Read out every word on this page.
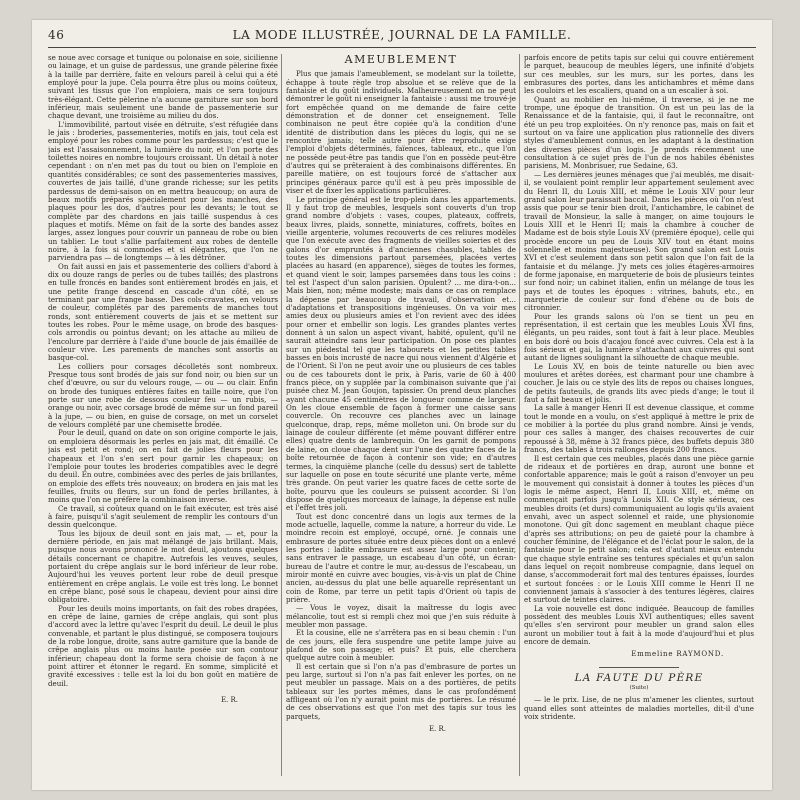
46	LA MODE ILLUSTRÉE, JOURNAL DE LA FAMILLE.

se noue avec corsage et tunique ou polonaise en soie, sicilienne ou lainage, et un guise de pardessus, une grande pèlerine fixée à la taille par derrière, faite en velours pareil à celui qui a été employé pour la jupe. Cela pourra être plus ou moins coûteux, suivant les tissus que l'on emploiera, mais ce sera toujours très-élégant. Cette pèlerine n'a aucune garniture sur son bord inférieur, mais seulement une bande de passementerie sur chaque devant, une troisième au milieu du dos.

L'immovibilité, partout visée en détruite, s'est réfugiée dans le jais : broderies, passementeries, motifs en jais, tout cela est employé pour les robes comme pour les pardessus; c'est que le jais est l'assaisonnement, la lumière du noir, et l'on porte des toilettes noires en nombre toujours croissant. Un détail à noter cependant : on n'en met pas du tout ou bien on l'emploie en quantités considérables; ce sont des passementeries massives, couvertes de jais taillé, d'une grande richesse; sur les petits pardessus de demi-saison on en mettra beaucoup; on aura de beaux motifs préparés spécialement pour les manches, des plaques pour les dos, d'autres pour les devants; le tout se complète par des chardons en jais taillé suspendus à ces plaques et motifs. Même on fait de la sorte des bandes assez larges, assez longues pour couvrir un panneau de robe ou bien un tablier. Le tout s'allie parfaitement aux robes de dentelle noire, à la fois si commodes et si élégantes, que l'on ne parviendra pas — de longtemps — à les détrôner.

On fait aussi en jais et passementerie des colliers d'abord à dix ou douze rangs de perles ou de tubes taillés; des plastrons en tulle froncés en bandes sont entièrement brodés en jais, et une petite frange descend en cascade d'un côté, en se terminant par une frange basse. Des cols-cravates, en velours de couleur, complétés par des parements de manches tout ronds, sont entièrement couverts de jais et se mettent sur toutes les robes. Pour le même usage, on brode des basques-cols arrondis ou pointus devant; on les attache au milieu de l'encolure par derrière à l'aide d'une boucle de jais émaillée de couleur vive. Les parements de manches sont assortis au basque-col.

Les colliers pour corsages décolletés sont nombreux. Presque tous sont brodés de jais sur fond noir, ou bien sur un chef d'œuvre, ou sur du velours rouge, — ou — ou clair. Enfin on brode des tuniques entières faites en taille noire, que l'on porte sur une robe de dessous couleur feu — un rubis, — orange ou noir, avec corsage brodé de même sur un fond pareil à la jupe, — ou bien, en guise de corsage, on met un corselet de velours complété par une chemisette brodée.

Pour le deuil, quand on date on son origine comporte le jais, on emploiera désormais les perles en jais mat, dit émaillé. Ce jais est petit et rond; on en fait de jolies fleurs pour les chapeaux et l'on s'en sert pour garnir les chapeaux; on l'emploie pour toutes les broderies compatibles avec le degré du deuil. En outre, combinées avec des perles de jais brillantes, on emploie des effets très nouveaux; on brodera en jais mat les feuilles, fruits ou fleurs, sur un fond de perles brillantes, à moins que l'on ne préfère la combinaison inverse.

Ce travail, si coûteux quand on le fait exécuter, est très aisé à faire, puisqu'il s'agit seulement de remplir les contours d'un dessin quelconque.

Tous les bijoux de deuil sont en jais mat, — et, pour la dernière période, en jais mat mélangé de jais brillant. Mais, puisque nous avons prononcé le mot deuil, ajoutons quelques détails concernant ce chapitre. Autrefois les veuves, seules, portaient du crêpe anglais sur le bord inférieur de leur robe. Aujourd'hui les veuves portent leur robe de deuil presque entièrement en crêpe anglais. Le voile est très long. Le bonnet en crêpe blanc, posé sous le chapeau, devient pour ainsi dire obligatoire.

Pour les deuils moins importants, on fait des robes drapées, en crêpe de laine, garnies de crêpe anglais, qui sont plus d'accord avec la lettre qu'avec l'esprit du deuil. Le deuil le plus convenable, et partant le plus distingué, se composera toujours de la robe longue, droite, sans autre garniture que la bande de crêpe anglais plus ou moins haute posée sur son contour inférieur; chapeau dont la forme sera choisie de façon à ne point attirer et étonner le regard. En somme, simplicité et gravité excessives : telle est la loi du bon goût en matière de deuil.

E. R.
AMEUBLEMENT

Plus que jamais l'ameublement, se modelant sur la toilette, échappe à toute règle trop absolue et se relève que de la fantaisie et du goût individuels. Malheureusement on ne peut démontrer le goût ni enseigner la fantaisie : aussi me trouvé-je fort empêchée quand on me demande de faire cette démonstration et de donner cet enseignement. Telle combinaison ne peut être copiée qu'à la condition d'une identité de distribution dans les pièces du logis, qui ne se rencontre jamais; telle autre pour être reproduite exige l'emploi d'objets déterminés, faïences, tableaux, etc., que l'on ne possède peut-être pas tandis que l'on en possède peut-être d'autres qui se prêteraient à des combinaisons différentes. En pareille matière, on est toujours forcé de s'attacher aux principes généraux parce qu'il est à peu près impossible de viser et de fixer les applications particulières.

Le principe général est le trop-plein dans les appartements. Il y faut trop de meubles, lesquels sont couverts d'un trop grand nombre d'objets : vases, coupes, plateaux, coffrets, beaux livres, plaids, sonnette, miniatures, coffrets, boîtes en vieille argenterie, volumes recouverts de ces reliures modèles que l'on exécute avec des fragments de vieilles soieries et des galons d'or empruntés à d'anciennes chasubles, tables de toutes les dimensions partout parsemées, placées vertes placées au hasard (en apparence), sièges de toutes les formes, et quand vient le soir, lampes parsemées dans tous les coins : tel est l'aspect d'un salon parisien. Opulent? ... me dira-t-on... Mais bien, non; même modeste; mais dans ce cas on remplace la dépense par beaucoup de travail, d'observation et... d'adaptations et transpositions ingénieuses. On va voir mes amies deux ou plusieurs amies et l'on revient avec des idées pour orner et embellir son logis. Les grandes plantes vertes donnent à un salon un aspect vivant, habité, opulent, qu'il ne saurait atteindre sans leur participation. On pose ces plantes sur un piédestal tel que les tabourets et les petites tables basses en bois incrusté de nacre qui nous viennent d'Algérie et de l'Orient. Si l'on ne peut avoir une ou plusieurs de ces tables ou de ces tabourets dont le prix, à Paris, varie de 60 à 400 francs pièce, on y supplée par la combinaison suivante que j'ai puisée chez M. Jean Goujon, tapissier. On prend deux planches ayant chacune 45 centimètres de longueur comme de largeur. On les cloue ensemble de façon à former une caisse sans couvercle. On recouvre ces planches avec un lainage quelconque, drap, reps, même molleton uni. On brode sur du lainage de couleur différente (et même pouvant différer entre elles) quatre dents de lambrequin. On les garnit de pompons de laine, on cloue chaque dent sur l'une des quatre faces de la boîte retournée de façon à contenir son vide; en d'autres termes, la cinquième planche (celle du dessus) sert de tablette sur laquelle on pose en toute sécurité une plante verte, même très grande. On peut varier les quatre faces de cette sorte de boîte, pourvu que les couleurs se puissent accorder. Si l'on dispose de quelques morceaux de lainage, la dépense est nulle et l'effet très joli.

Tout est donc concentré dans un logis aux termes de la mode actuelle, laquelle, comme la nature, a horreur du vide. Le moindre recoin est employé, occupé, orné. Je connais une embrasure de portes située entre deux pièces dont on a enlevé les portes : ladite embrasure est assez large pour contenir, sans entraver le passage, un escabeau d'un côté, un écran-bureau de l'autre et contre le mur, au-dessus de l'escabeau, un miroir monté en cuivre avec bougies, vis-à-vis un plat de Chine ancien, au-dessus du plat une belle aquarelle représentant un coin de Rome, par terre un petit tapis d'Orient où tapis de prière.

— Vous le voyez, disait la maîtresse du logis avec mélancolie, tout est si rempli chez moi que j'en suis réduite à meubler mon passage.

Et la cousine, elle ne s'arrêtera pas en si beau chemin : l'un de ces jours, elle fera suspendre une petite lampe juive au plafond de son passage; et puis? Et puis, elle cherchera quelque autre coin à meubler.

Il est certain que si l'on n'a pas d'embrasure de portes un peu large, surtout si l'on n'a pas fait enlever les portes, on ne peut meubler un passage. Mais on a des portières, de petits tableaux sur les portes mêmes, dans le cas profondément affligeant où l'on n'y aurait point mis de portières. Le résumé de ces observations est que l'on met des tapis sur tous les parquets,

E. R.

parfois encore de petits tapis sur celui qui couvre entièrement le parquet, beaucoup de meubles légers, une infinité d'objets sur ces meubles, sur les murs, sur les portes, dans les embrasures des portes, dans les antichambres et même dans les couloirs et les escaliers, quand on a un escalier à soi.

Quant au mobilier en lui-même, il traverse, si je ne me trompe, une époque de transition. On est un peu las de la Renaissance et de la fantaisie, qui, il faut le reconnaître, ont été un peu trop exploitées. On n'y renonce pas, mais on fait et surtout on va faire une application plus rationnelle des divers styles d'ameublement connus, en les adaptant à la destination des diverses pièces d'un logis. Je prends récemment une consultation à ce sujet près de l'un de nos habiles ébénistes parisiens, M. Monbrisuer, rue Sedaine, 63.

— Les dernières jeunes ménages que j'ai meublés, me disait-il, se voulaient point remplir leur appartement seulement avec du Henri II, du Louis XIII, et même le Louis XIV pour leur grand salon leur paraissait baccal. Dans les pièces où l'on n'est assis que pour se tenir bien droit, l'antichambre, le cabinet de travail de Monsieur, la salle à manger, on aime toujours le Louis XIII et le Henri II; mais la chambre à coucher de Madame est de bois style Louis XV (première époque), celle qui procède encore un peu de Louis XIV tout en étant moins solennelle et moins majestueuse). Son grand salon est Louis XVI et c'est seulement dans son petit salon que l'on fait de la fantaisie et du mélange. J'y mets ces jolies étagères-armoires de forme japonaise, en marqueterie de bois de plusieurs teintes sur fond noir; un cabinet italien, enfin un mélange de tous les pays et de toutes les époques : vitrines, bahuts, etc., en marqueterie de couleur sur fond d'ébène ou de bois de citronnier.

Pour les grands salons où l'on se tient un peu en représentation, il est certain que les meubles Louis XVI fins, élégants, un peu raides, sont tout à fait à leur place. Meubles en bois doré ou bois d'acajou foncé avec cuivres. Cela est à la fois sérieux et gai, la lumière s'attachant aux cuivres qui sont autant de lignes soulignant la silhouette de chaque meuble.

Le Louis XV, en bois de teinte naturelle ou bien avec moulures et arêtes dorées, est charmant pour une chambre à coucher. Je lais ou ce style des lits de repos ou chaises longues, de petits fauteuils, de grands lits avec pieds d'ange; le tout il faut a fait beaux et jolis.

La salle à manger Henri II est devenue classique, et comme tout le monde en a voulu, on s'est appliqué à mettre le prix de ce mobilier à la portée du plus grand nombre. Ainsi je vends, pour ces salles à manger, des chaises recouvertes de cuir repoussé à 38, même à 32 francs pièce, des buffets depuis 380 francs, des tables à trois rallonges depuis 200 francs.

Il est certain que ces meubles, placés dans une pièce garnie de rideaux et de portières en drap, auront une bonne et confortable apparence; mais le goût a raison d'envoyer un peu le mouvement qui consistait à donner à toutes les pièces d'un logis le même aspect, Henri II, Louis XIII, et, même on commençait parfois jusqu'à Louis XII. Ce style sérieux, ces meubles droits (et durs) communiquaient au logis qu'ils avaient envahi, avec un aspect solennel et raide, une physionomie monotone. Qui gît donc sagement en meublant chaque pièce d'après ses attributions; on peu de gaieté pour la chambre à coucher féminine, de l'élégance et de l'éclat pour le salon, de la fantaisie pour le petit salon; cela est d'autant mieux entendu que chaque style entraîne ses tentures spéciales et qu'un salon dans lequel on reçoit nombreuse compagnie, dans lequel on danse, s'accommoderait fort mal des tentures épaisses, lourdes et surtout foncées : or le Louis XIII comme le Henri II ne conviennent jamais à s'associer à des tentures légères, claires et surtout de teintes claires.

La voie nouvelle est donc indiquée. Beaucoup de familles possèdent des meubles Louis XVI authentiques; elles savent qu'elles s'en serviront pour meubler un grand salon elles auront un mobilier tout à fait à la mode d'aujourd'hui et plus encore de demain.

Emmeline RAYMOND.
LA FAUTE DU PÈRE
(Suite)

— le le prix. Lise, de ne plus m'amener les clientes, surtout quand elles sont atteintes de maladies mortelles, dit-il d'une voix stridente.
